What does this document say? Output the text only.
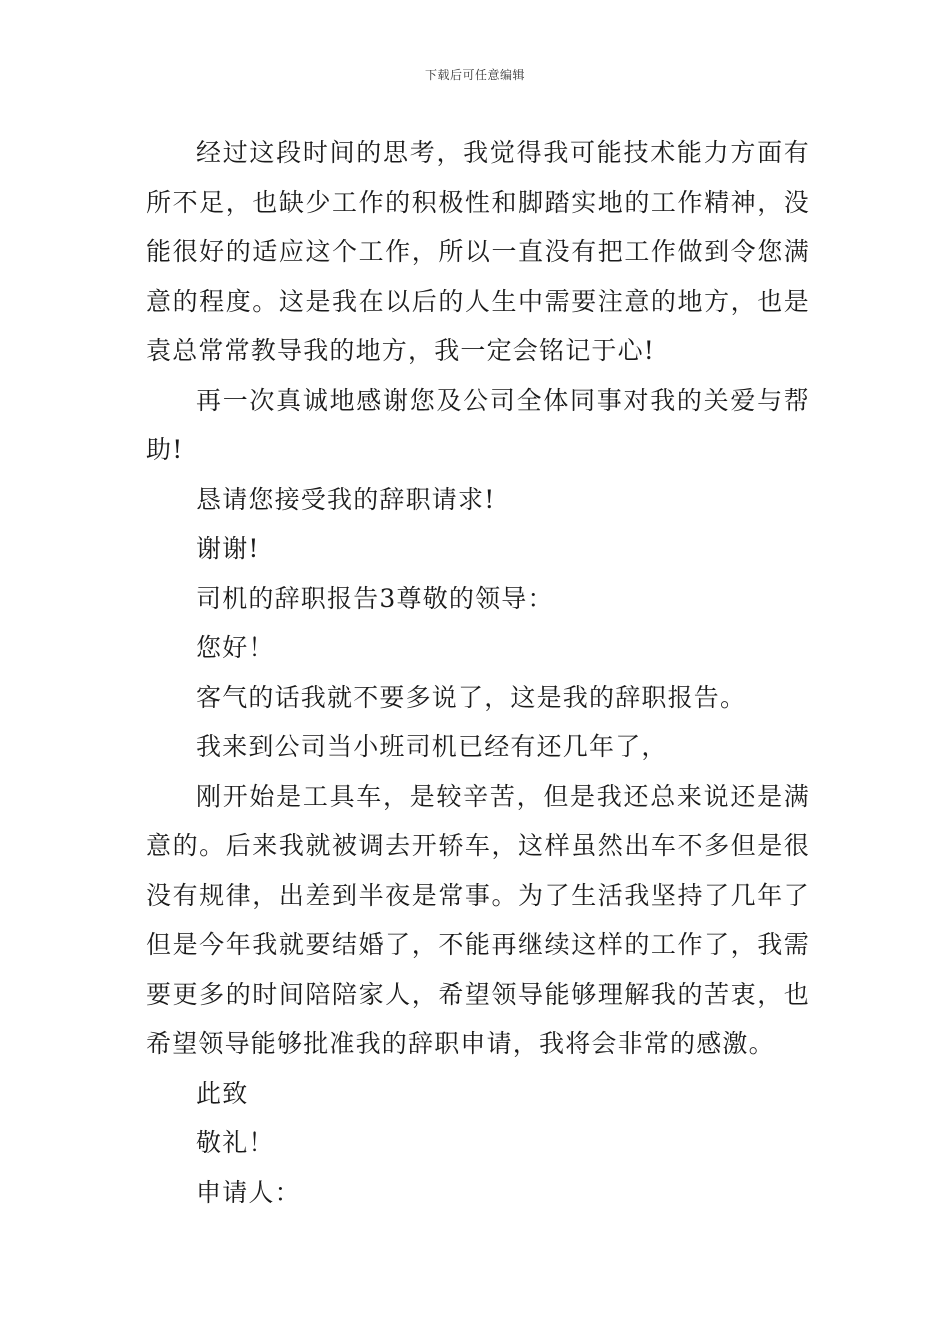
下载后可任意编辑

经过这段时间的思考，我觉得我可能技术能力方面有所不足，也缺少工作的积极性和脚踏实地的工作精神，没能很好的适应这个工作，所以一直没有把工作做到令您满意的程度。这是我在以后的人生中需要注意的地方，也是袁总常常教导我的地方，我一定会铭记于心!

再一次真诚地感谢您及公司全体同事对我的关爱与帮助!

恳请您接受我的辞职请求!

谢谢!

司机的辞职报告3尊敬的领导：

您好！

客气的话我就不要多说了，这是我的辞职报告。

我来到公司当小班司机已经有还几年了，

刚开始是工具车，是较辛苦，但是我还总来说还是满意的。后来我就被调去开轿车，这样虽然出车不多但是很没有规律，出差到半夜是常事。为了生活我坚持了几年了但是今年我就要结婚了，不能再继续这样的工作了，我需要更多的时间陪陪家人，希望领导能够理解我的苦衷，也希望领导能够批准我的辞职申请，我将会非常的感激。

此致

敬礼！

申请人：
